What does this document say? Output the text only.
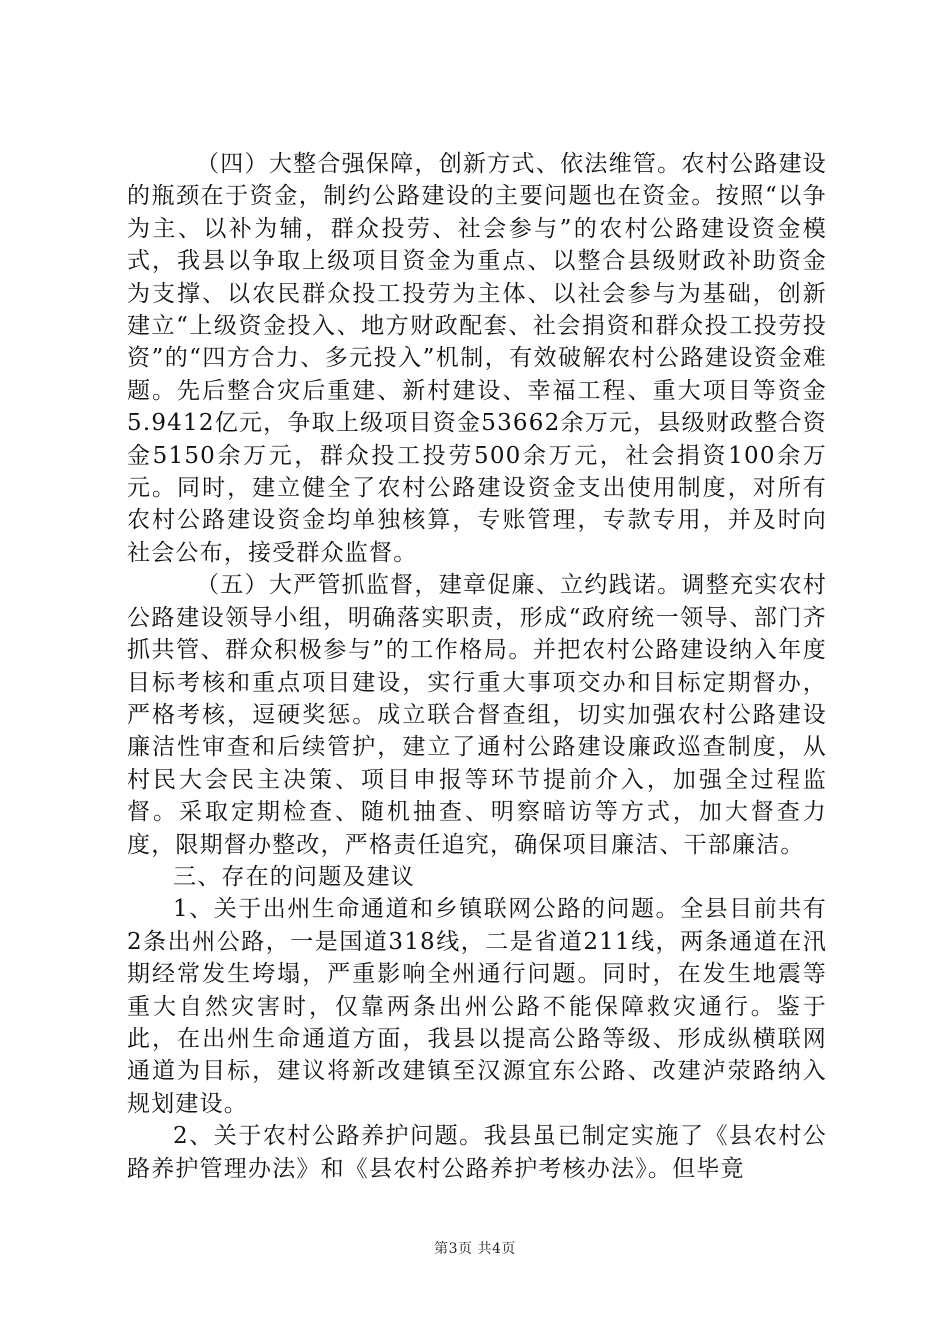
（四）大整合强保障，创新方式、依法维管。农村公路建设的瓶颈在于资金，制约公路建设的主要问题也在资金。按照“以争为主、以补为辅，群众投劳、社会参与”的农村公路建设资金模式，我县以争取上级项目资金为重点、以整合县级财政补助资金为支撑、以农民群众投工投劳为主体、以社会参与为基础，创新建立“上级资金投入、地方财政配套、社会捐资和群众投工投劳投资”的“四方合力、多元投入”机制，有效破解农村公路建设资金难题。先后整合灾后重建、新村建设、幸福工程、重大项目等资金5.9412亿元，争取上级项目资金53662余万元，县级财政整合资金5150余万元，群众投工投劳500余万元，社会捐资100余万元。同时，建立健全了农村公路建设资金支出使用制度，对所有农村公路建设资金均单独核算，专账管理，专款专用，并及时向社会公布，接受群众监督。

（五）大严管抓监督，建章促廉、立约践诺。调整充实农村公路建设领导小组，明确落实职责，形成“政府统一领导、部门齐抓共管、群众积极参与”的工作格局。并把农村公路建设纳入年度目标考核和重点项目建设，实行重大事项交办和目标定期督办，严格考核，逗硬奖惩。成立联合督查组，切实加强农村公路建设廉洁性审查和后续管护，建立了通村公路建设廉政巡查制度，从村民大会民主决策、项目申报等环节提前介入，加强全过程监督。采取定期检查、随机抽查、明察暗访等方式，加大督查力度，限期督办整改，严格责任追究，确保项目廉洁、干部廉洁。

三、存在的问题及建议

1、关于出州生命通道和乡镇联网公路的问题。全县目前共有2条出州公路，一是国道318线，二是省道211线，两条通道在汛期经常发生垮塌，严重影响全州通行问题。同时，在发生地震等重大自然灾害时，仅靠两条出州公路不能保障救灾通行。鉴于此，在出州生命通道方面，我县以提高公路等级、形成纵横联网通道为目标，建议将新改建镇至汉源宜东公路、改建泸荥路纳入规划建设。

2、关于农村公路养护问题。我县虽已制定实施了《县农村公路养护管理办法》和《县农村公路养护考核办法》。但毕竟

第3页 共4页
